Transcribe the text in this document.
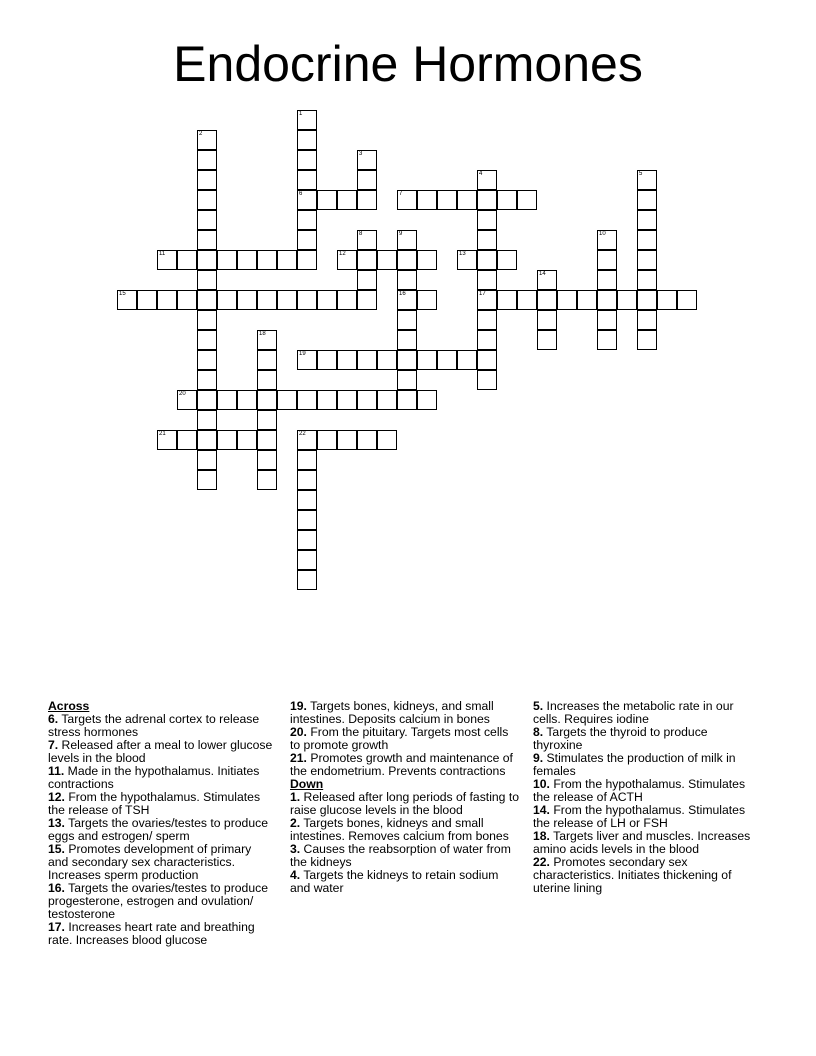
Endocrine Hormones
1
6
2
3
4
17
5
7
8	9
16
10
11	12	13
14
15
18
19
20
21	22

Across

6. Targets the adrenal cortex to release stress hormones

7. Released after a meal to lower glucose levels in the blood

11. Made in the hypothalamus. Initiates contractions

12. From the hypothalamus. Stimulates the release of TSH

13. Targets the ovaries/testes to produce eggs and estrogen/ sperm

15. Promotes development of primary and secondary sex characteristics. Increases sperm production

16. Targets the ovaries/testes to produce progesterone, estrogen and ovulation/ testosterone

17. Increases heart rate and breathing rate. Increases blood glucose

19. Targets bones, kidneys, and small intestines. Deposits calcium in bones

20. From the pituitary. Targets most cells to promote growth

21. Promotes growth and maintenance of the endometrium. Prevents contractions

Down

1. Released after long periods of fasting to raise glucose levels in the blood

2. Targets bones, kidneys and small intestines. Removes calcium from bones

3. Causes the reabsorption of water from the kidneys

4. Targets the kidneys to retain sodium and water

5. Increases the metabolic rate in our cells. Requires iodine

8. Targets the thyroid to produce thyroxine

9. Stimulates the production of milk in females

10. From the hypothalamus. Stimulates the release of ACTH

14. From the hypothalamus. Stimulates the release of LH or FSH

18. Targets liver and muscles. Increases amino acids levels in the blood

22. Promotes secondary sex characteristics. Initiates thickening of uterine lining
